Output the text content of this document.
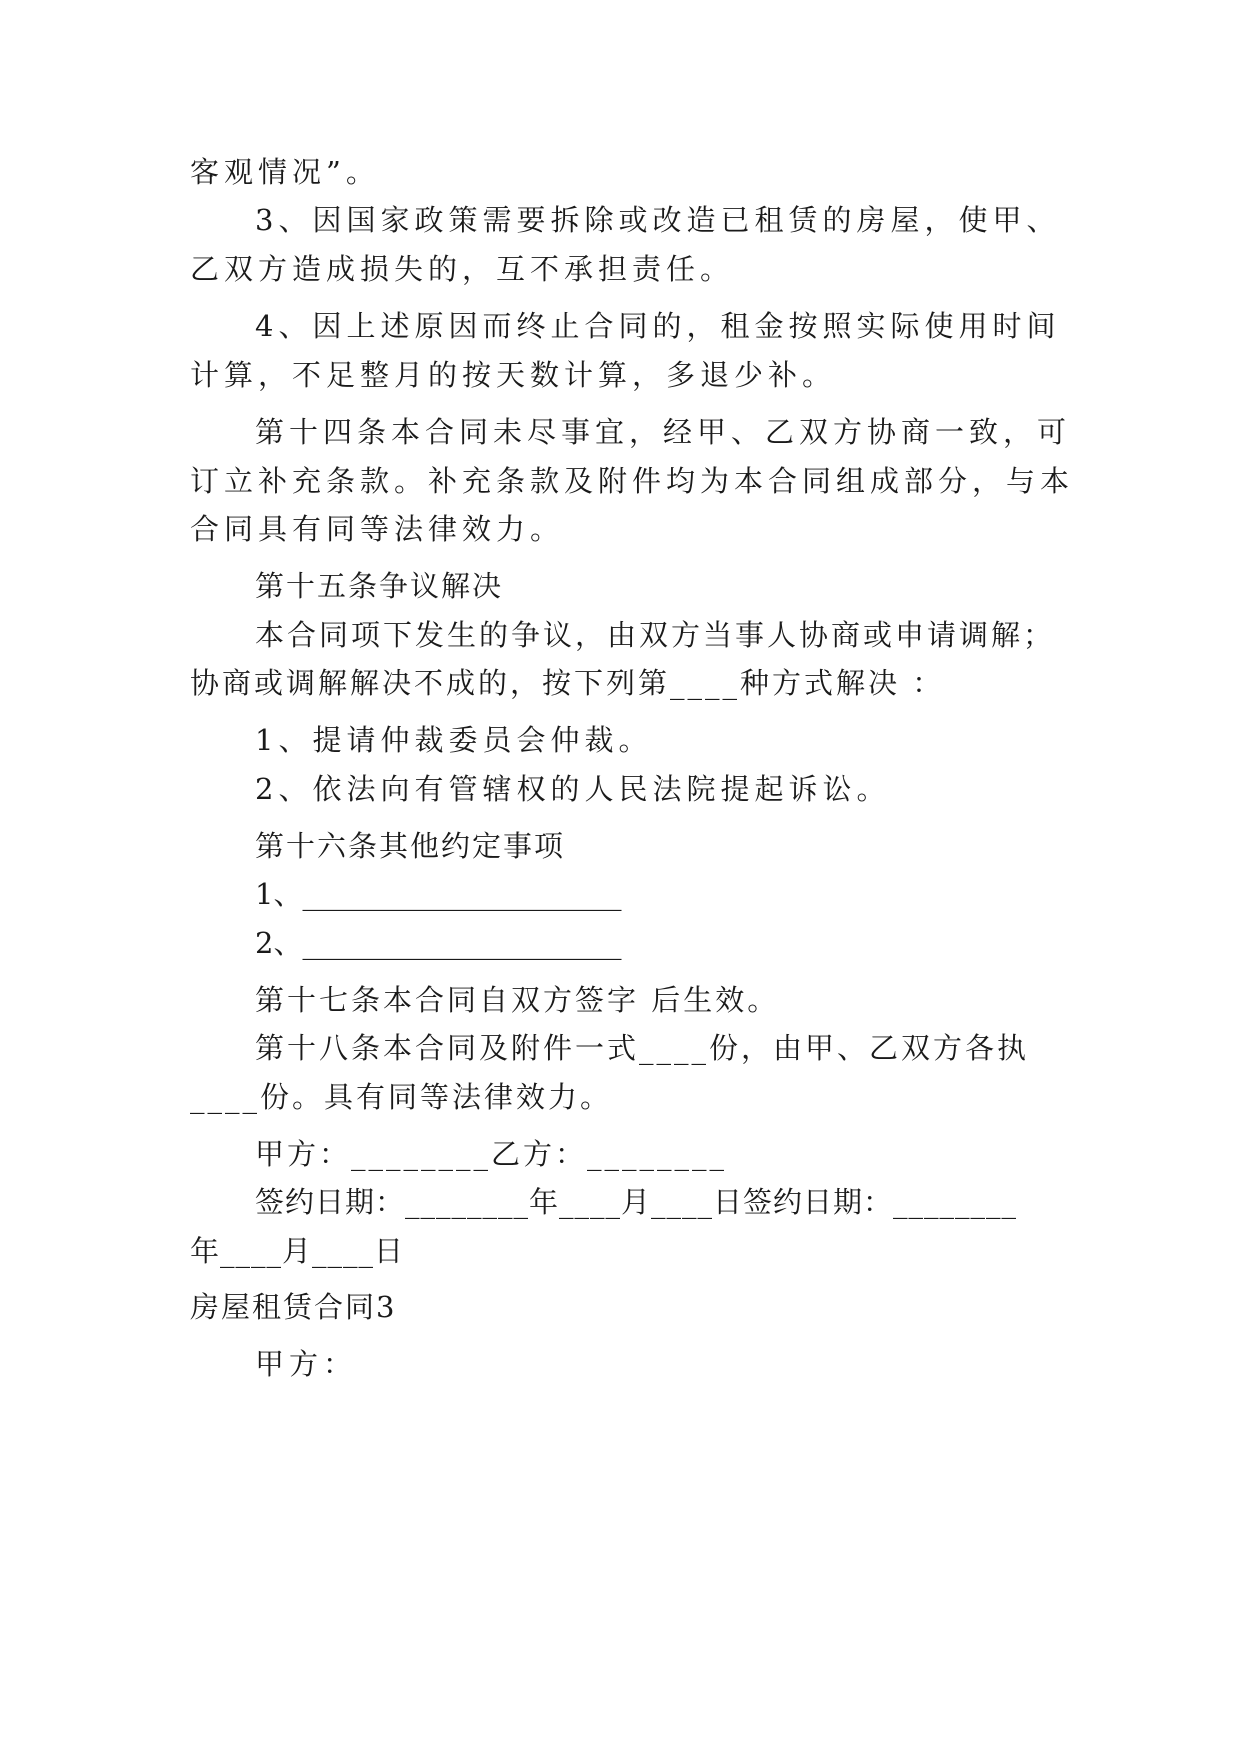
客观情况”。
3、因国家政策需要拆除或改造已租赁的房屋，使甲、
乙双方造成损失的，互不承担责任。
4、因上述原因而终止合同的，租金按照实际使用时间
计算，不足整月的按天数计算，多退少补。
第十四条本合同未尽事宜，经甲、乙双方协商一致，可
订立补充条款。补充条款及附件均为本合同组成部分，与本
合同具有同等法律效力。
第十五条争议解决
本合同项下发生的争议，由双方当事人协商或申请调解；
协商或调解解决不成的，按下列第____种方式解决 ：
1、提请仲裁委员会仲裁。
2、依法向有管辖权的人民法院提起诉讼。
第十六条其他约定事项
1、______________________
2、______________________
第十七条本合同自双方签字 后生效。
第十八条本合同及附件一式____份，由甲、乙双方各执
____份。具有同等法律效力。
甲方：________乙方：________
签约日期：________年____月____日签约日期：________
年____月____日
房屋租赁合同3
甲方：
